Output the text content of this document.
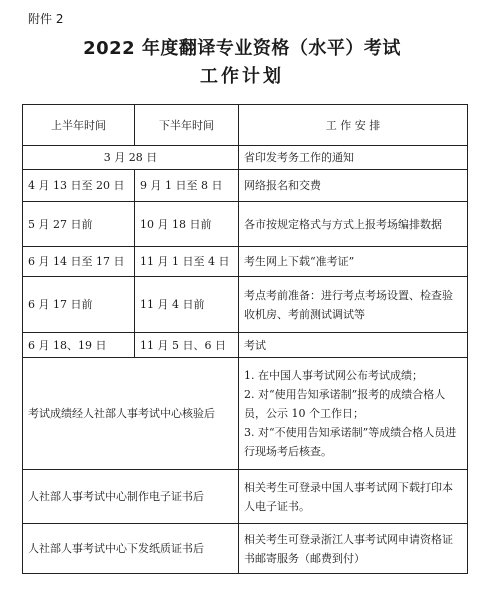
附件 2
2022 年度翻译专业资格（水平）考试
工作计划
上半年时间	下半年时间	工 作 安 排
3 月 28 日		省印发考务工作的通知
4 月 13 日至 20 日	9 月 1 日至 8 日	网络报名和交费
5 月 27 日前	10 月 18 日前	各市按规定格式与方式上报考场编排数据
6 月 14 日至 17 日	11 月 1 日至 4 日	考生网上下载“准考证”
6 月 17 日前	11 月 4 日前	考点考前准备：进行考点考场设置、检查验收机房、考前测试调试等
6 月 18、19 日	11 月 5 日、6 日	考试
考试成绩经人社部人事考试中心核验后		1. 在中国人事考试网公布考试成绩；
2. 对“使用告知承诺制”报考的成绩合格人员，公示 10 个工作日；
3. 对“不使用告知承诺制”等成绩合格人员进行现场考后核查。

人社部人事考试中心制作电子证书后		相关考生可登录中国人事考试网下载打印本人电子证书。
人社部人事考试中心下发纸质证书后		相关考生可登录浙江人事考试网申请资格证书邮寄服务（邮费到付）
